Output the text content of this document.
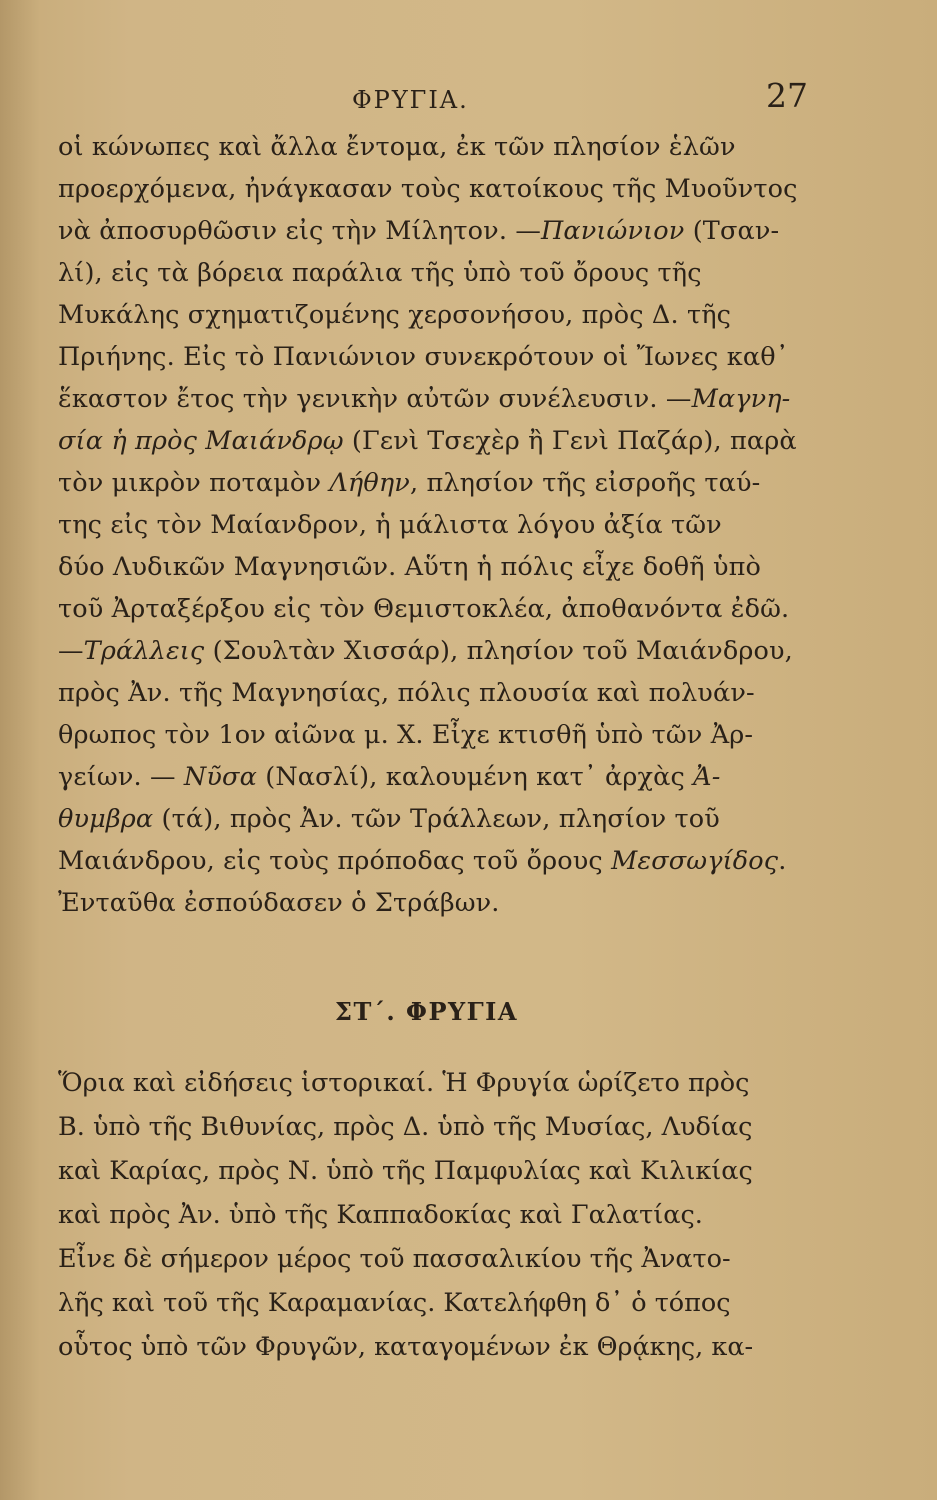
ΦΡΥΓΙΑ.	27
οἱ κώνωπες καὶ ἄλλα ἔντομα, ἐκ τῶν πλησίον ἑλῶν
προερχόμενα, ἠνάγκασαν τοὺς κατοίκους τῆς Μυοῦντος
νὰ ἀποσυρθῶσιν εἰς τὴν Μίλητον. —Πανιώνιον (Τσαν-
λί), εἰς τὰ βόρεια παράλια τῆς ὑπὸ τοῦ ὄρους τῆς
Μυκάλης σχηματιζομένης χερσονήσου, πρὸς Δ. τῆς
Πριήνης. Εἰς τὸ Πανιώνιον συνεκρότουν οἱ Ἴωνες καθ᾽
ἕκαστον ἔτος τὴν γενικὴν αὐτῶν συνέλευσιν. —Μαγνη-
σία ἡ πρὸς Μαιάνδρῳ (Γενὶ Τσεχὲρ ἢ Γενὶ Παζάρ), παρὰ
τὸν μικρὸν ποταμὸν Λήθην, πλησίον τῆς εἰσροῆς ταύ-
της εἰς τὸν Μαίανδρον, ἡ μάλιστα λόγου ἀξία τῶν
δύο Λυδικῶν Μαγνησιῶν. Αὕτη ἡ πόλις εἶχε δοθῆ ὑπὸ
τοῦ Ἀρταξέρξου εἰς τὸν Θεμιστοκλέα, ἀποθανόντα ἐδῶ.
—Τράλλεις (Σουλτὰν Χισσάρ), πλησίον τοῦ Μαιάνδρου,
πρὸς Ἀν. τῆς Μαγνησίας, πόλις πλουσία καὶ πολυάν-
θρωπος τὸν 1ον αἰῶνα μ. Χ. Εἶχε κτισθῆ ὑπὸ τῶν Ἀρ-
γείων. — Νῦσα (Νασλί), καλουμένη κατ᾽ ἀρχὰς Ἀ-
θυμβρα (τά), πρὸς Ἀν. τῶν Τράλλεων, πλησίον τοῦ
Μαιάνδρου, εἰς τοὺς πρόποδας τοῦ ὄρους Μεσσωγίδος.
Ἐνταῦθα ἐσπούδασεν ὁ Στράβων.
ΣΤ΄. ΦΡΥΓΙΑ
Ὅρια καὶ εἰδήσεις ἱστορικαί. Ἡ Φρυγία ὡρίζετο πρὸς
Β. ὑπὸ τῆς Βιθυνίας, πρὸς Δ. ὑπὸ τῆς Μυσίας, Λυδίας
καὶ Καρίας, πρὸς Ν. ὑπὸ τῆς Παμφυλίας καὶ Κιλικίας
καὶ πρὸς Ἀν. ὑπὸ τῆς Καππαδοκίας καὶ Γαλατίας.
Εἶνε δὲ σήμερον μέρος τοῦ πασσαλικίου τῆς Ἀνατο-
λῆς καὶ τοῦ τῆς Καραμανίας. Κατελήφθη δ᾽ ὁ τόπος
οὗτος ὑπὸ τῶν Φρυγῶν, καταγομένων ἐκ Θρᾴκης, κα-
